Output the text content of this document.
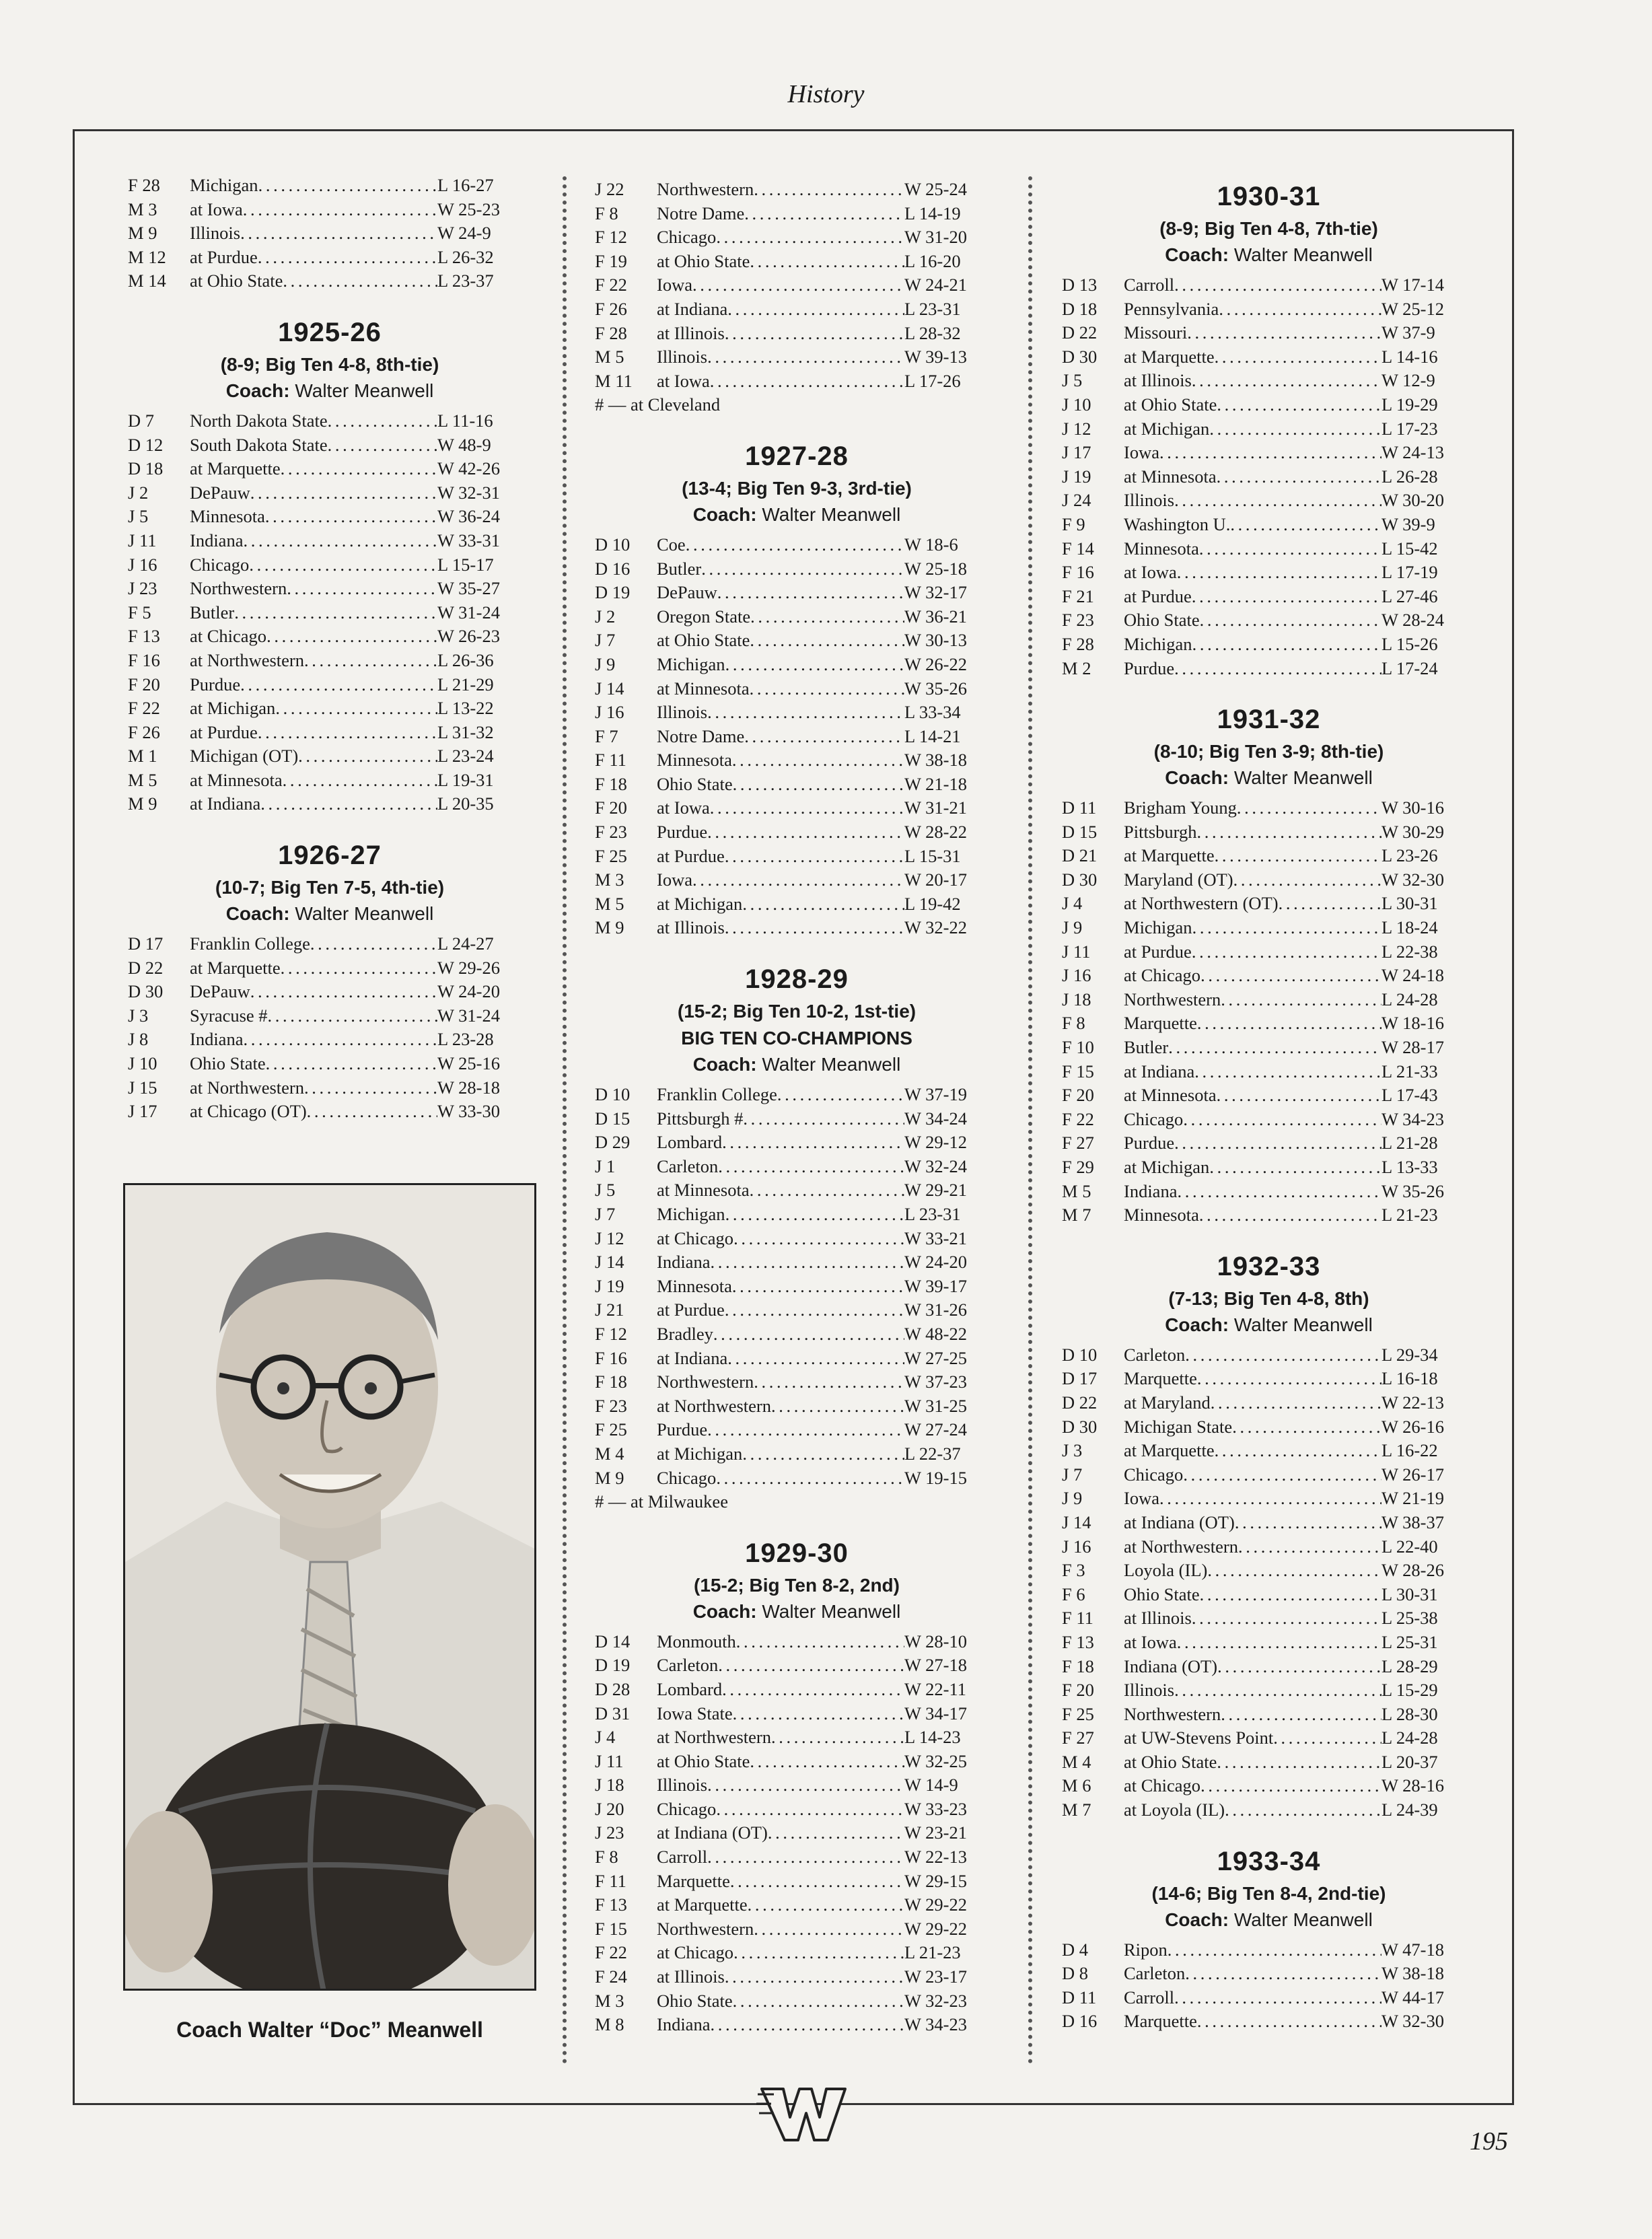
History
F 28	Michigan . . .	L 16-27
M 3	at Iowa . . .	W 25-23
M 9	Illinois . . .	W 24-9
M 12	at Purdue . . .	L 26-32
M 14	at Ohio State . . .	L 23-37
1925-26
(8-9; Big Ten 4-8, 8th-tie)
Coach: Walter Meanwell
D 7	North Dakota State . . .	L 11-16
D 12	South Dakota State . . .	W 48-9
D 18	at Marquette . . .	W 42-26
J 2	DePauw . . .	W 32-31
J 5	Minnesota . . .	W 36-24
J 11	Indiana . . .	W 33-31
J 16	Chicago . . .	L 15-17
J 23	Northwestern . . .	W 35-27
F 5	Butler . . .	W 31-24
F 13	at Chicago . . .	W 26-23
F 16	at Northwestern . . .	L 26-36
F 20	Purdue . . .	L 21-29
F 22	at Michigan . . .	L 13-22
F 26	at Purdue . . .	L 31-32
M 1	Michigan (OT) . . .	L 23-24
M 5	at Minnesota . . .	L 19-31
M 9	at Indiana . . .	L 20-35
1926-27
(10-7; Big Ten 7-5, 4th-tie)
Coach: Walter Meanwell
D 17	Franklin College . . .	L 24-27
D 22	at Marquette . . .	W 29-26
D 30	DePauw . . .	W 24-20
J 3	Syracuse # . . .	W 31-24
J 8	Indiana . . .	L 23-28
J 10	Ohio State . . .	W 25-16
J 15	at Northwestern . . .	W 28-18
J 17	at Chicago (OT) . . .	W 33-30
J 22	Northwestern . . .	W 25-24
F 8	Notre Dame . . .	L 14-19
F 12	Chicago . . .	W 31-20
F 19	at Ohio State . . .	L 16-20
F 22	Iowa . . .	W 24-21
F 26	at Indiana . . .	L 23-31
F 28	at Illinois . . .	L 28-32
M 5	Illinois . . .	W 39-13
M 11	at Iowa . . .	L 17-26
# — at Cleveland
1927-28
(13-4; Big Ten 9-3, 3rd-tie)
Coach: Walter Meanwell
D 10	Coe . . .	W 18-6
D 16	Butler . . .	W 25-18
D 19	DePauw . . .	W 32-17
J 2	Oregon State . . .	W 36-21
J 7	at Ohio State . . .	W 30-13
J 9	Michigan . . .	W 26-22
J 14	at Minnesota . . .	W 35-26
J 16	Illinois . . .	L 33-34
F 7	Notre Dame . . .	L 14-21
F 11	Minnesota . . .	W 38-18
F 18	Ohio State . . .	W 21-18
F 20	at Iowa . . .	W 31-21
F 23	Purdue . . .	W 28-22
F 25	at Purdue . . .	L 15-31
M 3	Iowa . . .	W 20-17
M 5	at Michigan . . .	L 19-42
M 9	at Illinois . . .	W 32-22
1928-29
(15-2; Big Ten 10-2, 1st-tie)
BIG TEN CO-CHAMPIONS
Coach: Walter Meanwell
D 10	Franklin College . . .	W 37-19
D 15	Pittsburgh # . . .	W 34-24
D 29	Lombard . . .	W 29-12
J 1	Carleton . . .	W 32-24
J 5	at Minnesota . . .	W 29-21
J 7	Michigan . . .	L 23-31
J 12	at Chicago . . .	W 33-21
J 14	Indiana . . .	W 24-20
J 19	Minnesota . . .	W 39-17
J 21	at Purdue . . .	W 31-26
F 12	Bradley . . .	W 48-22
F 16	at Indiana . . .	W 27-25
F 18	Northwestern . . .	W 37-23
F 23	at Northwestern . . .	W 31-25
F 25	Purdue . . .	W 27-24
M 4	at Michigan . . .	L 22-37
M 9	Chicago . . .	W 19-15
# — at Milwaukee
1929-30
(15-2; Big Ten 8-2, 2nd)
Coach: Walter Meanwell
D 14	Monmouth . . .	W 28-10
D 19	Carleton . . .	W 27-18
D 28	Lombard . . .	W 22-11
D 31	Iowa State . . .	W 34-17
J 4	at Northwestern . . .	L 14-23
J 11	at Ohio State . . .	W 32-25
J 18	Illinois . . .	W 14-9
J 20	Chicago . . .	W 33-23
J 23	at Indiana (OT) . . .	W 23-21
F 8	Carroll . . .	W 22-13
F 11	Marquette . . .	W 29-15
F 13	at Marquette . . .	W 29-22
F 15	Northwestern . . .	W 29-22
F 22	at Chicago . . .	L 21-23
F 24	at Illinois . . .	W 23-17
M 3	Ohio State . . .	W 32-23
M 8	Indiana . . .	W 34-23
1930-31
(8-9; Big Ten 4-8, 7th-tie)
Coach: Walter Meanwell
D 13	Carroll . . .	W 17-14
D 18	Pennsylvania . . .	W 25-12
D 22	Missouri . . .	W 37-9
D 30	at Marquette . . .	L 14-16
J 5	at Illinois . . .	W 12-9
J 10	at Ohio State . . .	L 19-29
J 12	at Michigan . . .	L 17-23
J 17	Iowa . . .	W 24-13
J 19	at Minnesota . . .	L 26-28
J 24	Illinois . . .	W 30-20
F 9	Washington U. . . .	W 39-9
F 14	Minnesota . . .	L 15-42
F 16	at Iowa . . .	L 17-19
F 21	at Purdue . . .	L 27-46
F 23	Ohio State . . .	W 28-24
F 28	Michigan . . .	L 15-26
M 2	Purdue . . .	L 17-24
1931-32
(8-10; Big Ten 3-9; 8th-tie)
Coach: Walter Meanwell
D 11	Brigham Young . . .	W 30-16
D 15	Pittsburgh . . .	W 30-29
D 21	at Marquette . . .	L 23-26
D 30	Maryland (OT) . . .	W 32-30
J 4	at Northwestern (OT) . . .	L 30-31
J 9	Michigan . . .	L 18-24
J 11	at Purdue . . .	L 22-38
J 16	at Chicago . . .	W 24-18
J 18	Northwestern . . .	L 24-28
F 8	Marquette . . .	W 18-16
F 10	Butler . . .	W 28-17
F 15	at Indiana . . .	L 21-33
F 20	at Minnesota . . .	L 17-43
F 22	Chicago . . .	W 34-23
F 27	Purdue . . .	L 21-28
F 29	at Michigan . . .	L 13-33
M 5	Indiana . . .	W 35-26
M 7	Minnesota . . .	L 21-23
1932-33
(7-13; Big Ten 4-8, 8th)
Coach: Walter Meanwell
D 10	Carleton . . .	L 29-34
D 17	Marquette . . .	L 16-18
D 22	at Maryland . . .	W 22-13
D 30	Michigan State . . .	W 26-16
J 3	at Marquette . . .	L 16-22
J 7	Chicago . . .	W 26-17
J 9	Iowa . . .	W 21-19
J 14	at Indiana (OT) . . .	W 38-37
J 16	at Northwestern . . .	L 22-40
F 3	Loyola (IL) . . .	W 28-26
F 6	Ohio State . . .	L 30-31
F 11	at Illinois . . .	L 25-38
F 13	at Iowa . . .	L 25-31
F 18	Indiana (OT) . . .	L 28-29
F 20	Illinois . . .	L 15-29
F 25	Northwestern . . .	L 28-30
F 27	at UW-Stevens Point . . .	L 24-28
M 4	at Ohio State . . .	L 20-37
M 6	at Chicago . . .	W 28-16
M 7	at Loyola (IL) . . .	L 24-39
1933-34
(14-6; Big Ten 8-4, 2nd-tie)
Coach: Walter Meanwell
D 4	Ripon . . .	W 47-18
D 8	Carleton . . .	W 38-18
D 11	Carroll . . .	W 44-17
D 16	Marquette . . .	W 32-30
Coach Walter “Doc” Meanwell
195
